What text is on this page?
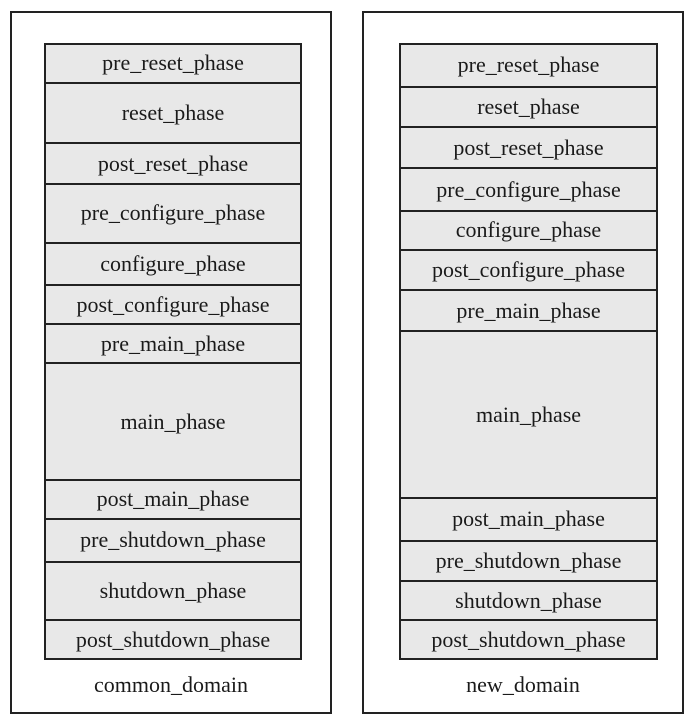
pre_reset_phase
reset_phase
post_reset_phase
pre_configure_phase
configure_phase
post_configure_phase
pre_main_phase
main_phase
post_main_phase
pre_shutdown_phase
shutdown_phase
post_shutdown_phase
common_domain
pre_reset_phase
reset_phase
post_reset_phase
pre_configure_phase
configure_phase
post_configure_phase
pre_main_phase
main_phase
post_main_phase
pre_shutdown_phase
shutdown_phase
post_shutdown_phase
new_domain
